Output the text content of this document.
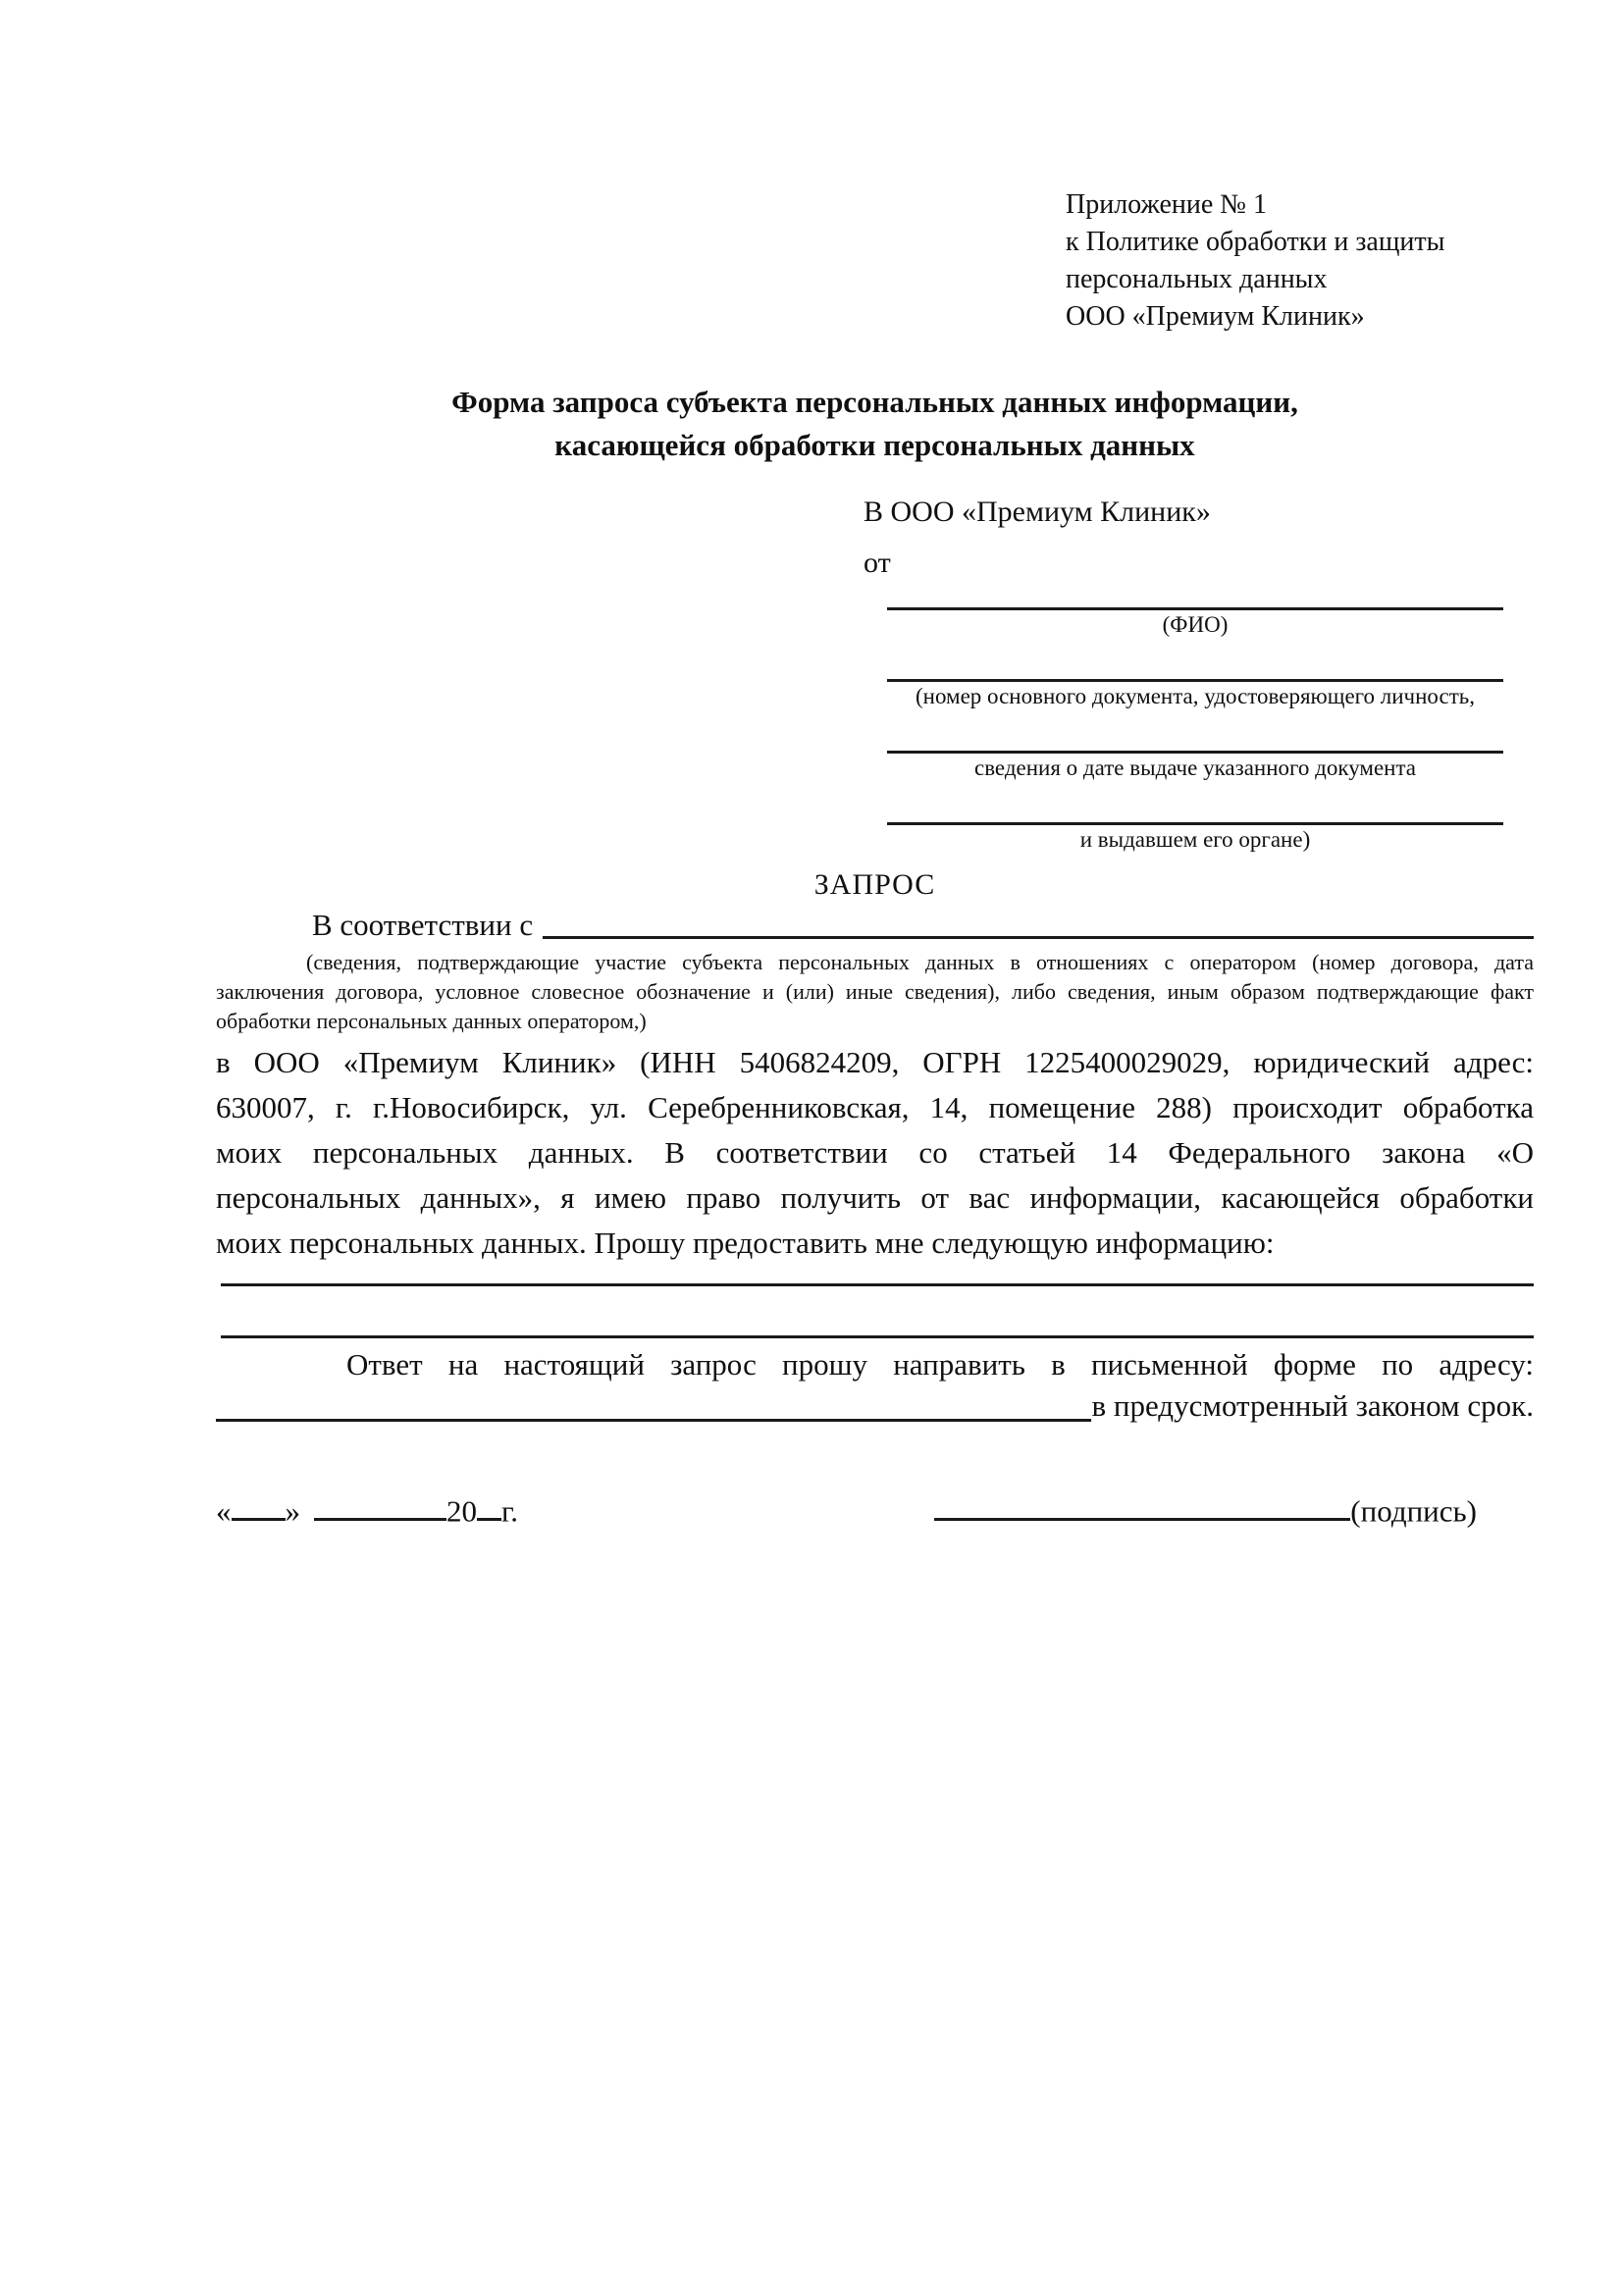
Приложение № 1
к Политике обработки и защиты
персональных данных
ООО «Премиум Клиник»
Форма запроса субъекта персональных данных информации,
касающейся обработки персональных данных
В ООО «Премиум Клиник»
от
(ФИО)
(номер основного документа, удостоверяющего личность,
сведения о дате выдаче указанного документа
и выдавшем его органе)
ЗАПРОС
В соответствии с
(сведения, подтверждающие участие субъекта персональных данных в отношениях с оператором (номер договора, дата
заключения договора, условное словесное обозначение и (или) иные сведения), либо сведения, иным образом подтверждающие факт
обработки персональных данных оператором,)
в ООО «Премиум Клиник» (ИНН 5406824209, ОГРН 1225400029029, юридический адрес:
630007, г. г.Новосибирск, ул. Серебренниковская, 14, помещение 288) происходит обработка
моих персональных данных. В соответствии со статьей 14 Федерального закона «О
персональных данных», я имею право получить от вас информации, касающейся обработки
моих персональных данных. Прошу предоставить мне следующую информацию:
Ответ на настоящий запрос прошу направить в письменной форме по адресу:
в предусмотренный законом срок.
« »	20 г.	(подпись)
